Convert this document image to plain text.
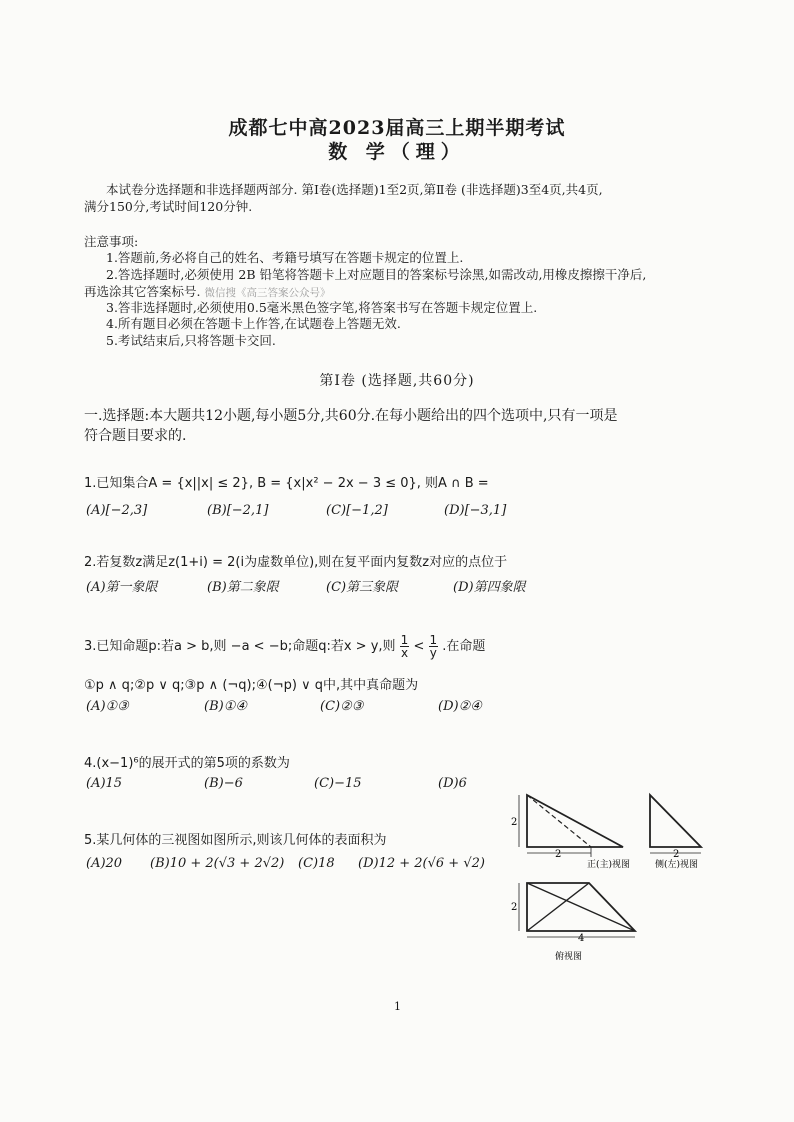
成都七中高2023届高三上期半期考试
数 学（理）
本试卷分选择题和非选择题两部分. 第Ⅰ卷(选择题)1至2页,第Ⅱ卷 (非选择题)3至4页,共4页,
满分150分,考试时间120分钟.
注意事项:
1.答题前,务必将自己的姓名、考籍号填写在答题卡规定的位置上.
2.答选择题时,必须使用 2B 铅笔将答题卡上对应题目的答案标号涂黑,如需改动,用橡皮擦擦干净后,
再选涂其它答案标号. 微信搜《高三答案公众号》
3.答非选择题时,必须使用0.5毫米黑色签字笔,将答案书写在答题卡规定位置上.
4.所有题目必须在答题卡上作答,在试题卷上答题无效.
5.考试结束后,只将答题卡交回.
第Ⅰ卷 (选择题,共60分)
一.选择题:本大题共12小题,每小题5分,共60分.在每小题给出的四个选项中,只有一项是
符合题目要求的.
1.已知集合A = {x||x| ≤ 2}, B = {x|x² − 2x − 3 ≤ 0}, 则A ∩ B =
(A)[−2,3]	(B)[−2,1]	(C)[−1,2]	(D)[−3,1]
2.若复数z满足z(1+i) = 2(i为虚数单位),则在复平面内复数z对应的点位于
(A)第一象限	(B)第二象限	(C)第三象限	(D)第四象限
3.已知命题p:若a > b,则 −a < −b;命题q:若x > y,则 $\frac{1}{x} < \frac{1}{y}$ .在命题
①p ∧ q;②p ∨ q;③p ∧ (¬q);④(¬p) ∨ q中,其中真命题为
(A)①③	(B)①④	(C)②③	(D)②④
4.(x−1)⁶的展开式的第5项的系数为
(A)15	(B)−6	(C)−15	(D)6
5.某几何体的三视图如图所示,则该几何体的表面积为
(A)20 (B)10 + 2(√3 + 2√2) (C)18 (D)12 + 2(√6 + √2)
2
2	2
2
4
正(主)视图	侧(左)视图
俯视图
1
